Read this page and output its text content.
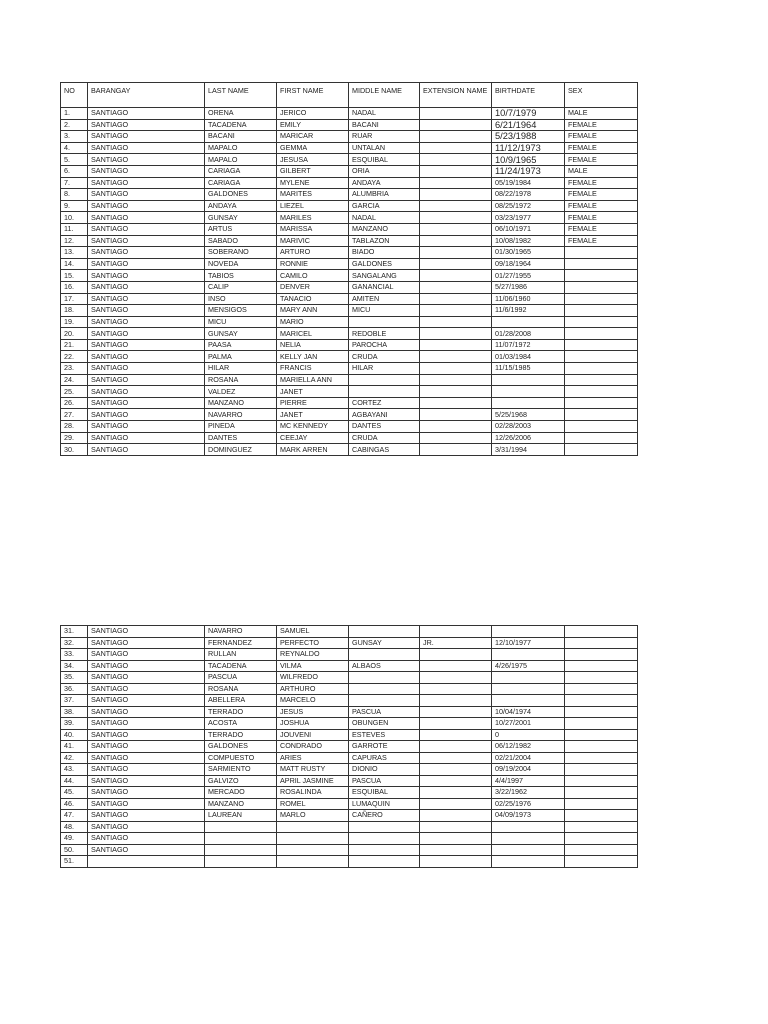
NO	BARANGAY	LAST NAME	FIRST NAME	MIDDLE NAME	EXTENSION NAME	BIRTHDATE	SEX
1.	SANTIAGO	ORENA	JERICO	NADAL		10/7/1979	MALE
2.	SANTIAGO	TACADENA	EMILY	BACANI		6/21/1964	FEMALE
3.	SANTIAGO	BACANI	MARICAR	RUAR		5/23/1988	FEMALE
4.	SANTIAGO	MAPALO	GEMMA	UNTALAN		11/12/1973	FEMALE
5.	SANTIAGO	MAPALO	JESUSA	ESQUIBAL		10/9/1965	FEMALE
6.	SANTIAGO	CARIAGA	GILBERT	ORIA		11/24/1973	MALE
7.	SANTIAGO	CARIAGA	MYLENE	ANDAYA		05/19/1984	FEMALE
8.	SANTIAGO	GALDONES	MARITES	ALUMBRIA		08/22/1978	FEMALE
9.	SANTIAGO	ANDAYA	LIEZEL	GARCIA		08/25/1972	FEMALE
10.	SANTIAGO	GUNSAY	MARILES	NADAL		03/23/1977	FEMALE
11.	SANTIAGO	ARTUS	MARISSA	MANZANO		06/10/1971	FEMALE
12.	SANTIAGO	SABADO	MARIVIC	TABLAZON		10/08/1982	FEMALE
13.	SANTIAGO	SOBERANO	ARTURO	BIADO		01/30/1965	
14.	SANTIAGO	NOVEDA	RONNIE	GALDONES		09/18/1964	
15.	SANTIAGO	TABIOS	CAMILO	SANGALANG		01/27/1955	
16.	SANTIAGO	CALIP	DENVER	GANANCIAL		5/27/1986	
17.	SANTIAGO	INSO	TANACIO	AMITEN		11/06/1960	
18.	SANTIAGO	MENSIGOS	MARY ANN	MICU		11/6/1992	
19.	SANTIAGO	MICU	MARIO				
20.	SANTIAGO	GUNSAY	MARICEL	REDOBLE		01/28/2008	
21.	SANTIAGO	PAASA	NELIA	PAROCHA		11/07/1972	
22.	SANTIAGO	PALMA	KELLY JAN	CRUDA		01/03/1984	
23.	SANTIAGO	HILAR	FRANCIS	HILAR		11/15/1985	
24.	SANTIAGO	ROSANA	MARIELLA ANN				
25.	SANTIAGO	VALDEZ	JANET				
26.	SANTIAGO	MANZANO	PIERRE	CORTEZ			
27.	SANTIAGO	NAVARRO	JANET	AGBAYANI		5/25/1968	
28.	SANTIAGO	PINEDA	MC KENNEDY	DANTES		02/28/2003	
29.	SANTIAGO	DANTES	CEEJAY	CRUDA		12/26/2006	
30.	SANTIAGO	DOMINGUEZ	MARK ARREN	CABINGAS		3/31/1994	
31.	SANTIAGO	NAVARRO	SAMUEL				
32.	SANTIAGO	FERNANDEZ	PERFECTO	GUNSAY	JR.	12/10/1977	
33.	SANTIAGO	RULLAN	REYNALDO				
34.	SANTIAGO	TACADENA	VILMA	ALBAOS		4/26/1975	
35.	SANTIAGO	PASCUA	WILFREDO				
36.	SANTIAGO	ROSANA	ARTHURO				
37.	SANTIAGO	ABELLERA	MARCELO				
38.	SANTIAGO	TERRADO	JESUS	PASCUA		10/04/1974	
39.	SANTIAGO	ACOSTA	JOSHUA	OBUNGEN		10/27/2001	
40.	SANTIAGO	TERRADO	JOUVENI	ESTEVES		0	
41.	SANTIAGO	GALDONES	CONDRADO	GARROTE		06/12/1982	
42.	SANTIAGO	COMPUESTO	ARIES	CAPURAS		02/21/2004	
43.	SANTIAGO	SARMIENTO	MATT RUSTY	DIONIO		09/19/2004	
44.	SANTIAGO	GALVIZO	APRIL JASMINE	PASCUA		4/4/1997	
45.	SANTIAGO	MERCADO	ROSALINDA	ESQUIBAL		3/22/1962	
46.	SANTIAGO	MANZANO	ROMEL	LUMAQUIN		02/25/1976	
47.	SANTIAGO	LAUREAN	MARLO	CAÑERO		04/09/1973	
48.	SANTIAGO						
49.	SANTIAGO						
50.	SANTIAGO						
51.							
